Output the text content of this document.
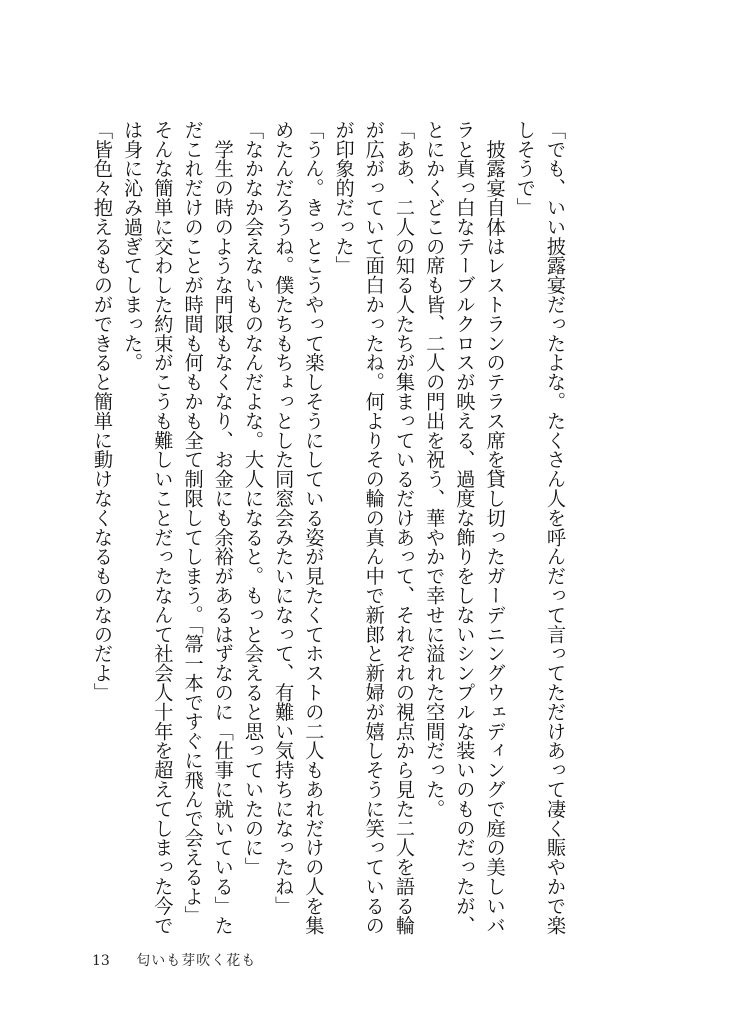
「でも、いい披露宴だったよな。たくさん人を呼んだって言ってただけあって凄く賑やかで楽
しそうで」
　披露宴自体はレストランのテラス席を貸し切ったガーデニングウェディングで庭の美しいバ
ラと真っ白なテーブルクロスが映える、過度な飾りをしないシンプルな装いのものだったが、
とにかくどこの席も皆、二人の門出を祝う、華やかで幸せに溢れた空間だった。
「ああ、二人の知る人たちが集まっているだけあって、それぞれの視点から見た二人を語る輪
が広がっていて面白かったね。何よりその輪の真ん中で新郎と新婦が嬉しそうに笑っているの
が印象的だった」
「うん。きっとこうやって楽しそうにしている姿が見たくてホストの二人もあれだけの人を集
めたんだろうね。僕たちもちょっとした同窓会みたいになって、有難い気持ちになったね」
「なかなか会えないものなんだよな。大人になると。もっと会えると思っていたのに」
　学生の時のような門限もなくなり、お金にも余裕があるはずなのに「仕事に就いている」た
だこれだけのことが時間も何もかも全て制限してしまう。「箒一本ですぐに飛んで会えるよ」
そんな簡単に交わした約束がこうも難しいことだったなんて社会人十年を超えてしまった今で
は身に沁み過ぎてしまった。
「皆色々抱えるものができると簡単に動けなくなるものなのだよ」
13 匂いも芽吹く花も
